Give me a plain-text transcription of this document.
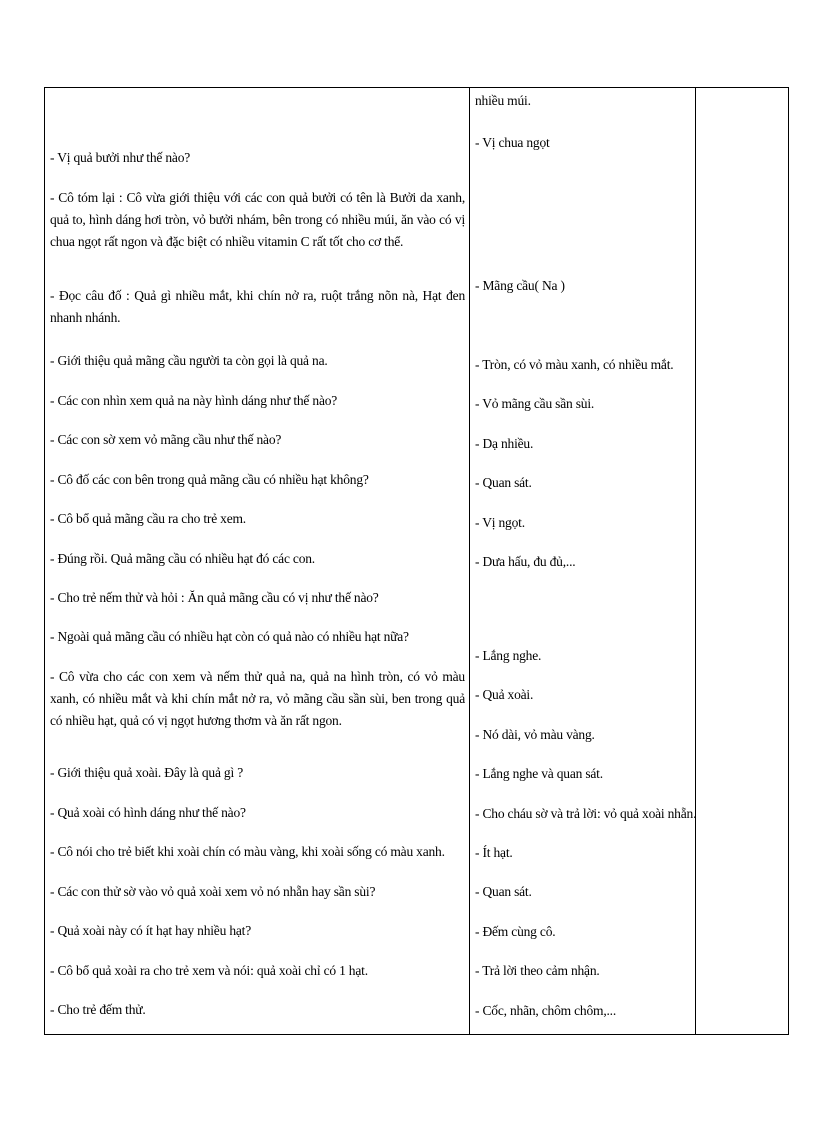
- Vị quả bưởi như thế nào?
- Cô tóm lại : Cô vừa giới thiệu với các con quả bưởi có tên là Bưởi da xanh, quả to, hình dáng hơi tròn, vỏ bưởi nhám, bên trong có nhiều múi, ăn vào có vị chua ngọt rất ngon và đặc biệt có nhiều vitamin C rất tốt cho cơ thể.
- Đọc câu đố : Quả gì nhiều mắt, khi chín nở ra, ruột trắng nõn nà, Hạt đen nhanh nhánh.
- Giới thiệu quả mãng cầu người ta còn gọi là quả na.
- Các con nhìn xem quả na này hình dáng như thế nào?
- Các con sờ xem vỏ mãng cầu như thế nào?
- Cô đố các con bên trong quả mãng cầu có nhiều hạt không?
- Cô bổ quả mãng cầu ra cho trẻ xem.
- Đúng rồi. Quả mãng cầu có nhiều hạt đó các con.
- Cho trẻ nếm thử và hỏi : Ăn quả mãng cầu có vị như thế nào?
- Ngoài quả mãng cầu có nhiều hạt còn có quả nào có nhiều hạt nữa?
- Cô vừa cho các con xem và nếm thử quả na, quả na hình tròn, có vỏ màu xanh, có nhiều mắt và khi chín mắt nở ra, vỏ mãng cầu sần sùi, ben trong quả có nhiều hạt, quả có vị ngọt hương thơm và ăn rất ngon.
- Giới thiệu quả xoài. Đây là quả gì ?
- Quả xoài có hình dáng như thế nào?
- Cô nói cho trẻ biết khi xoài chín có màu vàng, khi xoài sống có màu xanh.
- Các con thử sờ vào vỏ quả xoài xem vỏ nó nhẵn hay sần sùi?
- Quả xoài này có ít hạt hay nhiều hạt?
- Cô bổ quả xoài ra cho trẻ xem và nói: quả xoài chỉ có 1 hạt.
- Cho trẻ đếm thử.
nhiều múi.
- Vị chua ngọt
- Mãng cầu( Na )
- Tròn, có vỏ màu xanh, có nhiều mắt.
- Vỏ mãng cầu sần sùi.
- Dạ nhiều.
- Quan sát.
- Vị ngọt.
- Dưa hấu, đu đủ,...
- Lắng nghe.
- Quả xoài.
- Nó dài, vỏ màu vàng.
- Lắng nghe và quan sát.
- Cho cháu sờ và trả lời: vỏ quả xoài nhẵn.
- Ít hạt.
- Quan sát.
- Đếm cùng cô.
- Trả lời theo cảm nhận.
- Cốc, nhãn, chôm chôm,...
